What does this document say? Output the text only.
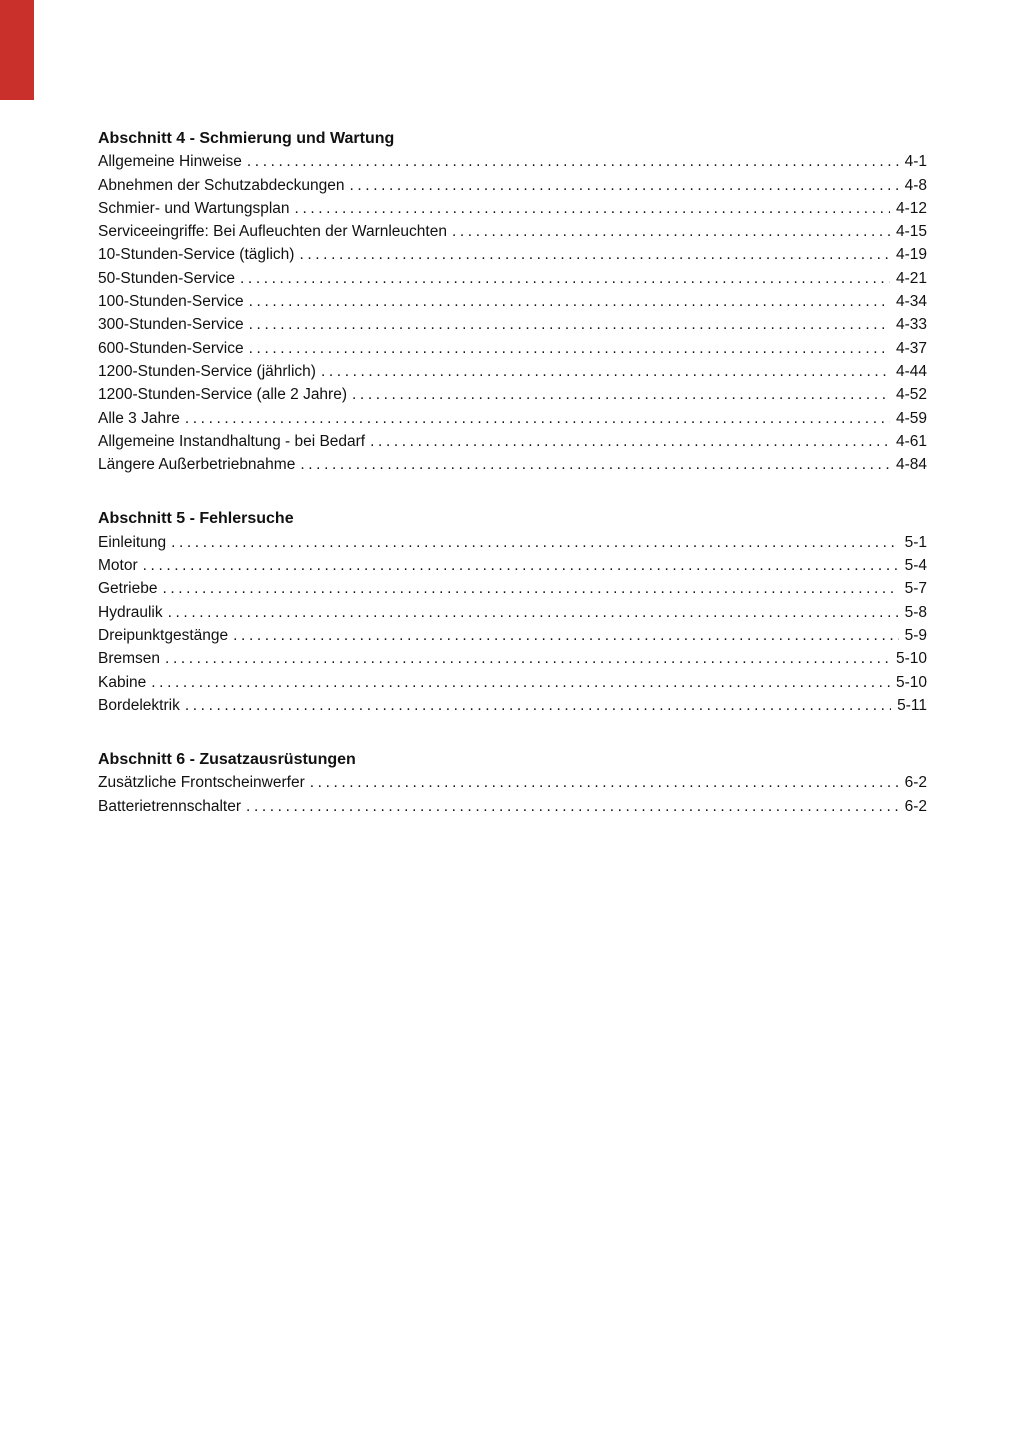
Abschnitt 4 - Schmierung und Wartung
Allgemeine Hinweise .....	4-1
Abnehmen der Schutzabdeckungen .....	4-8
Schmier- und Wartungsplan .....	4-12
Serviceeingriffe: Bei Aufleuchten der Warnleuchten .....	4-15
10-Stunden-Service (täglich) .....	4-19
50-Stunden-Service .....	4-21
100-Stunden-Service .....	4-34
300-Stunden-Service .....	4-33
600-Stunden-Service .....	4-37
1200-Stunden-Service (jährlich) .....	4-44
1200-Stunden-Service (alle 2 Jahre) .....	4-52
Alle 3 Jahre .....	4-59
Allgemeine Instandhaltung - bei Bedarf .....	4-61
Längere Außerbetriebnahme .....	4-84
Abschnitt 5 - Fehlersuche
Einleitung .....	5-1
Motor .....	5-4
Getriebe .....	5-7
Hydraulik .....	5-8
Dreipunktgestänge .....	5-9
Bremsen .....	5-10
Kabine .....	5-10
Bordelektrik .....	5-11
Abschnitt 6 - Zusatzausrüstungen
Zusätzliche Frontscheinwerfer .....	6-2
Batterietrennschalter .....	6-2
